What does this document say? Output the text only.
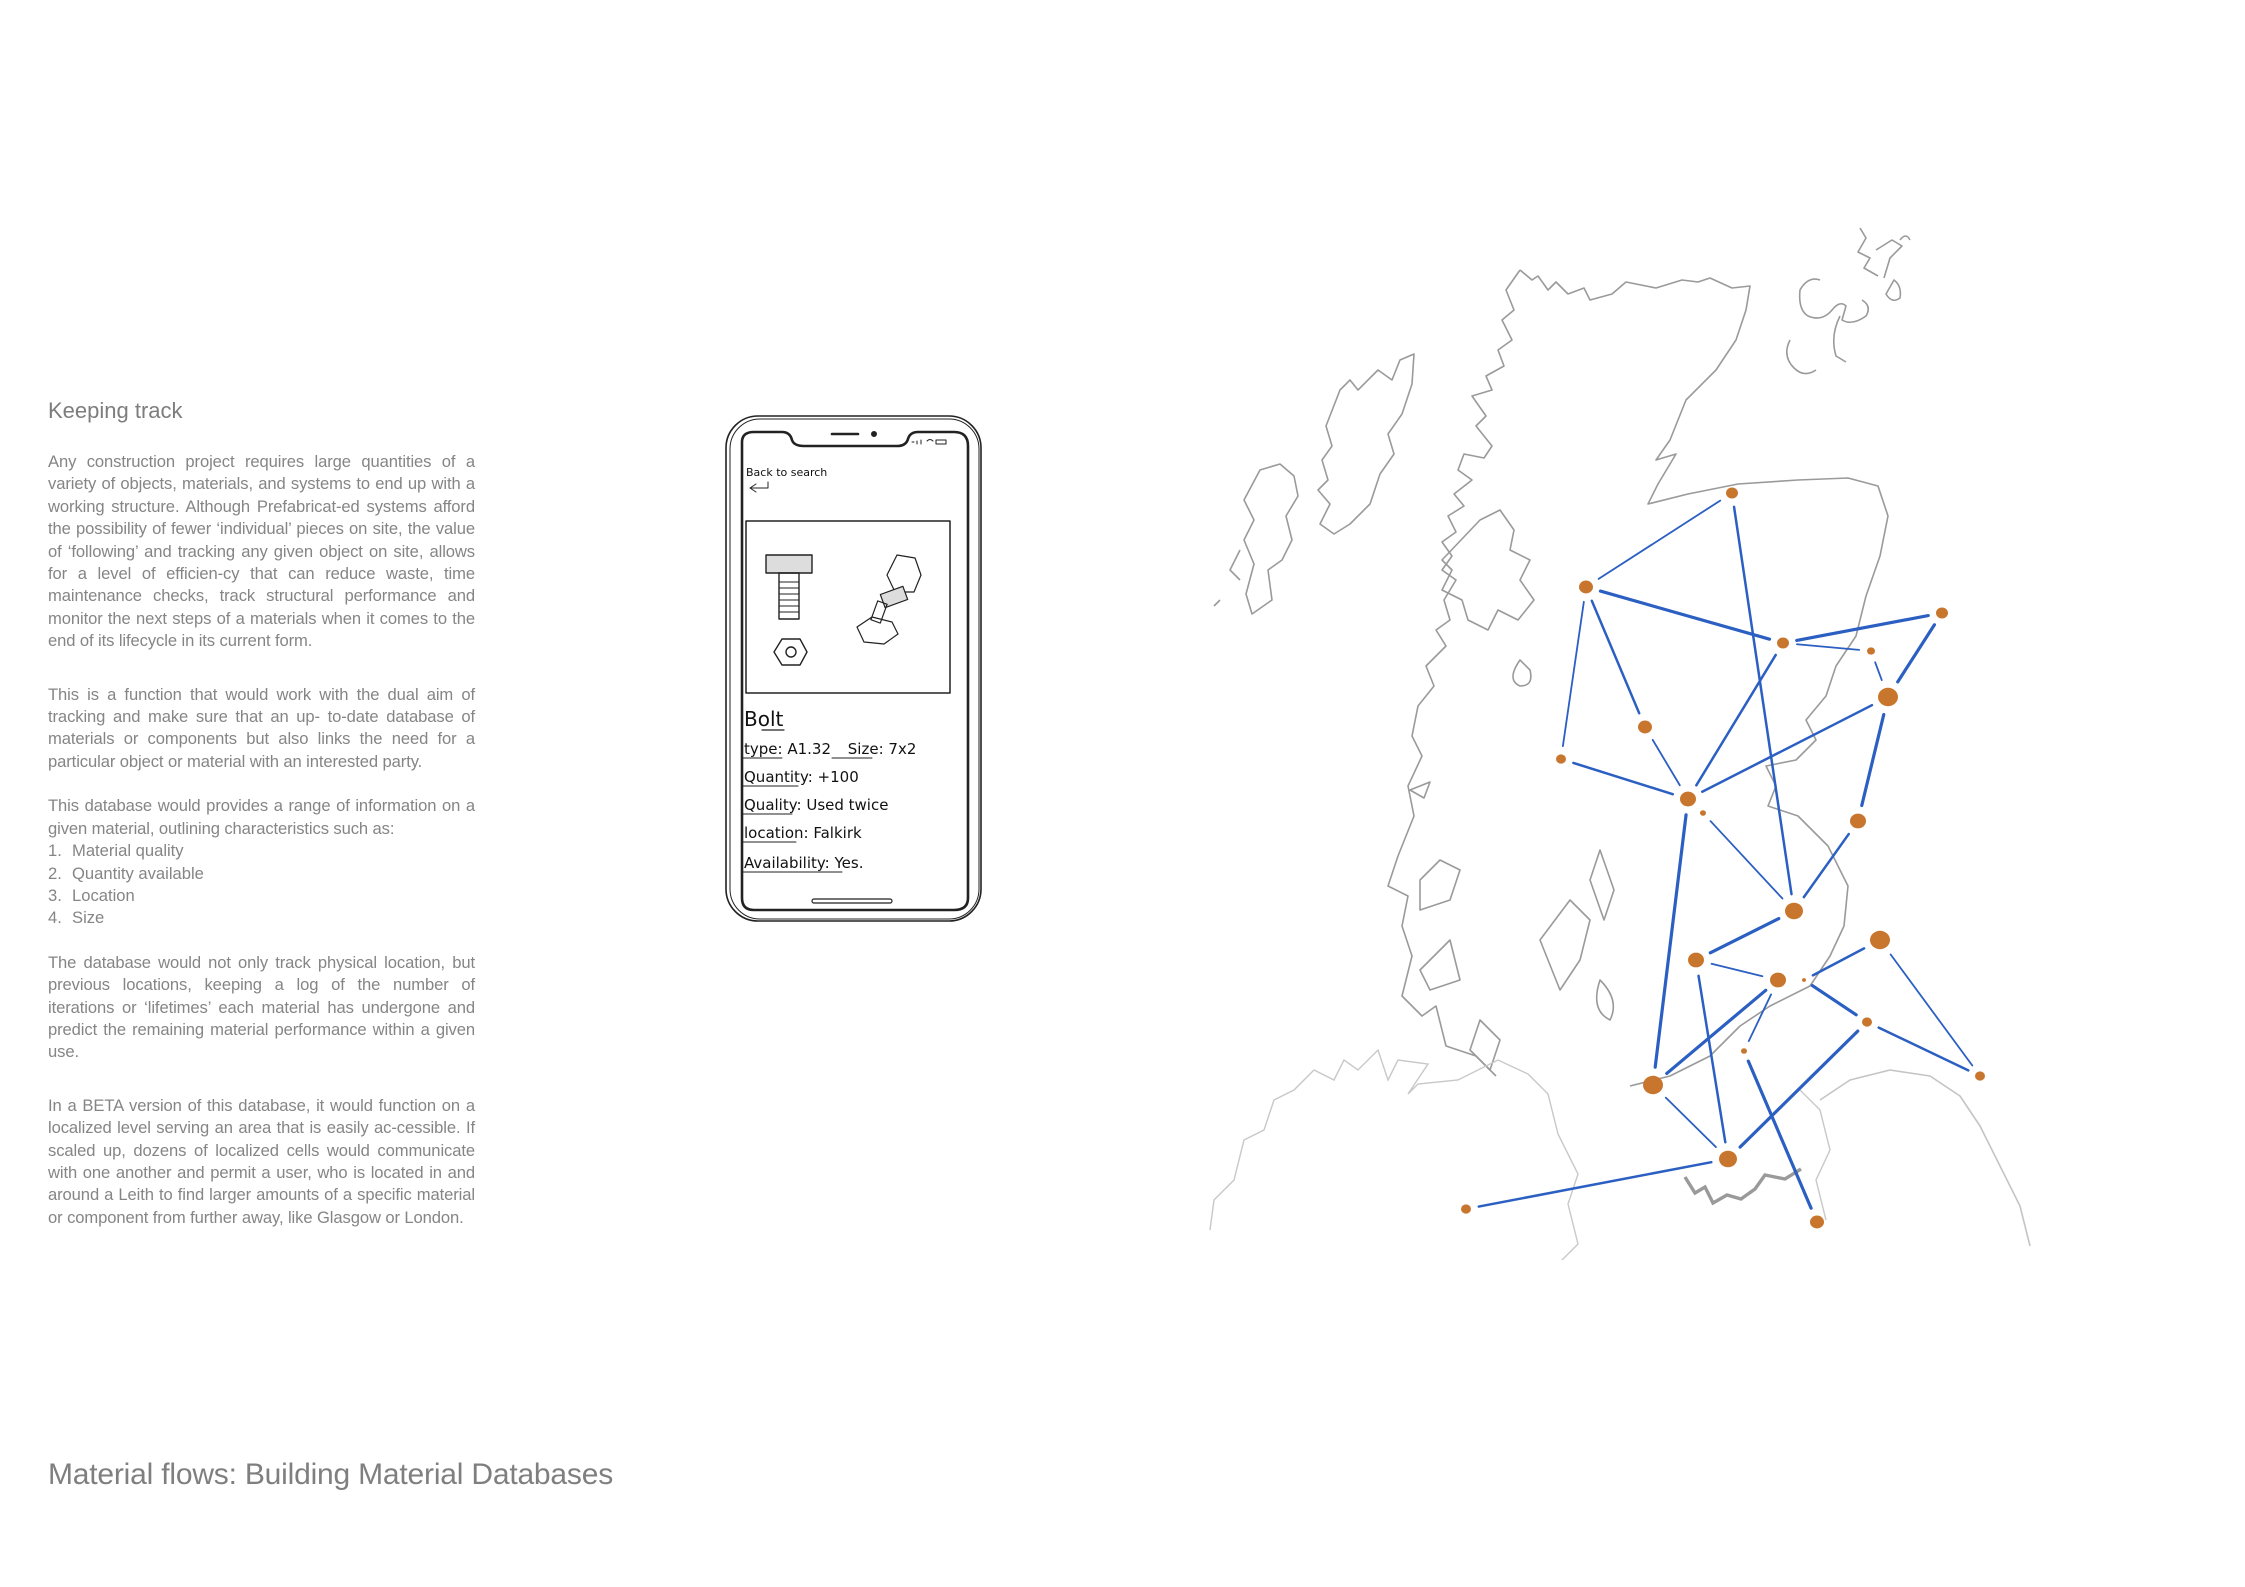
Keeping track

Any construction project requires large quantities of a variety of objects, materials, and systems to end up with a working structure. Although Prefabricat-ed systems afford the possibility of fewer ‘individual’ pieces on site, the value of ‘following’ and tracking any given object on site, allows for a level of efficien-cy that can reduce waste, time maintenance checks, track structural performance and monitor the next steps of a materials when it comes to the end of its lifecycle in its current form.

This is a function that would work with the dual aim of tracking and make sure that an up- to-date database of materials or components but also links the need for a particular object or material with an interested party.

This database would provides a range of information on a given material, outlining characteristics such as:

1. Material quality
2. Quantity available
3. Location
4. Size

The database would not only track physical location, but previous locations, keeping a log of the number of iterations or ‘lifetimes’ each material has undergone and predict the remaining material performance within a given use.

In a BETA version of this database, it would function on a localized level serving an area that is easily ac-cessible. If scaled up, dozens of localized cells would communicate with one another and permit a user, who is located in and around a Leith to find larger amounts of a specific material or component from further away, like Glasgow or London.

Material flows: Building Material Databases
Back to search
Bolt
type: A1.32 Size: 7x2
Quantity: +100
Quality: Used twice
location: Falkirk
Availability: Yes.
